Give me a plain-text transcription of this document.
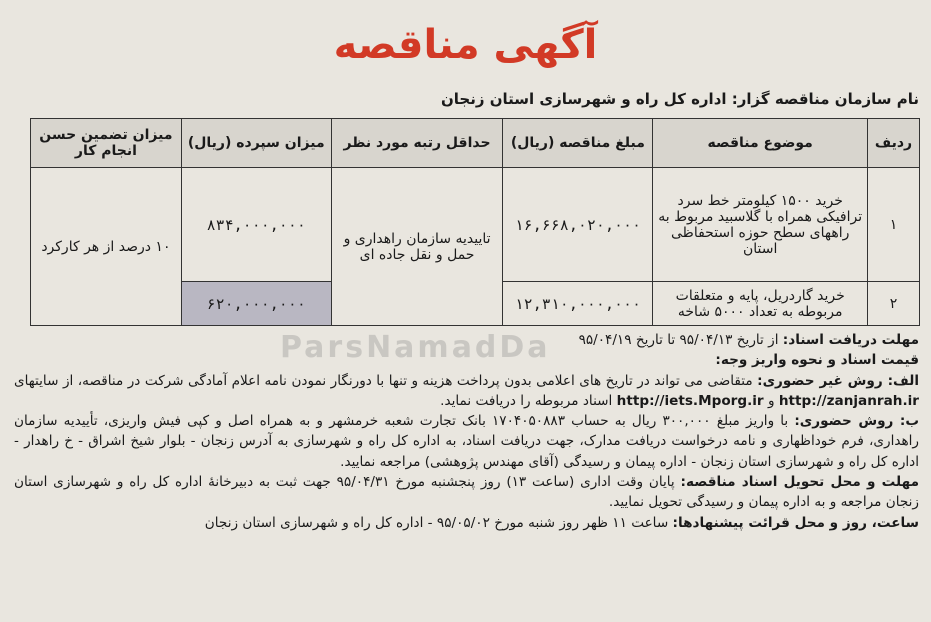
آگهی مناقصه
نام سازمان مناقصه گزار: اداره کل راه و شهرسازی استان زنجان
ردیف	موضوع مناقصه	مبلغ مناقصه (ریال)	حداقل رتبه مورد نظر	میزان سپرده (ریال)	میزان تضمین حسن انجام کار
۱	خرید ۱۵۰۰ کیلومتر خط سرد ترافیکی همراه با گلاسبید مربوط به راههای سطح حوزه استحفاظی استان	۱۶,۶۶۸,۰۲۰,۰۰۰	تاییدیه سازمان راهداری و حمل و نقل جاده ای	۸۳۴,۰۰۰,۰۰۰	۱۰ درصد از هر کارکرد
۲	خرید گاردریل، پایه و متعلقات مربوطه به تعداد ۵۰۰۰ شاخه	۱۲,۳۱۰,۰۰۰,۰۰۰		۶۲۰,۰۰۰,۰۰۰	
ParsNamadDa	مهلت دریافت اسناد: از تاریخ ۹۵/۰۴/۱۳ تا تاریخ ۹۵/۰۴/۱۹

قیمت اسناد و نحوه واریز وجه:

الف: روش غیر حضوری: متقاضی می تواند در تاریخ های اعلامی بدون پرداخت هزینه و تنها با دورنگار نمودن نامه اعلام آمادگی شرکت در مناقصه، از سایتهای http://zanjanrah.ir و http://iets.Mporg.ir اسناد مربوطه را دریافت نماید.

ب: روش حضوری: با واریز مبلغ ۳۰۰,۰۰۰ ریال به حساب ۱۷۰۴۰۵۰۸۸۳ بانک تجارت شعبه خرمشهر و به همراه اصل و کپی فیش واریزی، تأییدیه سازمان راهداری، فرم خوداظهاری و نامه درخواست دریافت مدارک، جهت دریافت اسناد، به اداره کل راه و شهرسازی به آدرس زنجان - بلوار شیخ اشراق - خ راهدار - اداره کل راه و شهرسازی استان زنجان - اداره پیمان و رسیدگی (آقای مهندس پژوهشی) مراجعه نمایید.

مهلت و محل تحویل اسناد مناقصه: پایان وقت اداری (ساعت ۱۳) روز پنجشنبه مورخ ۹۵/۰۴/۳۱ جهت ثبت به دبیرخانهٔ اداره کل راه و شهرسازی استان زنجان مراجعه و به اداره پیمان و رسیدگی تحویل نمایید.

ساعت، روز و محل قرائت پیشنهادها: ساعت ۱۱ ظهر روز شنبه مورخ ۹۵/۰۵/۰۲ - اداره کل راه و شهرسازی استان زنجان
